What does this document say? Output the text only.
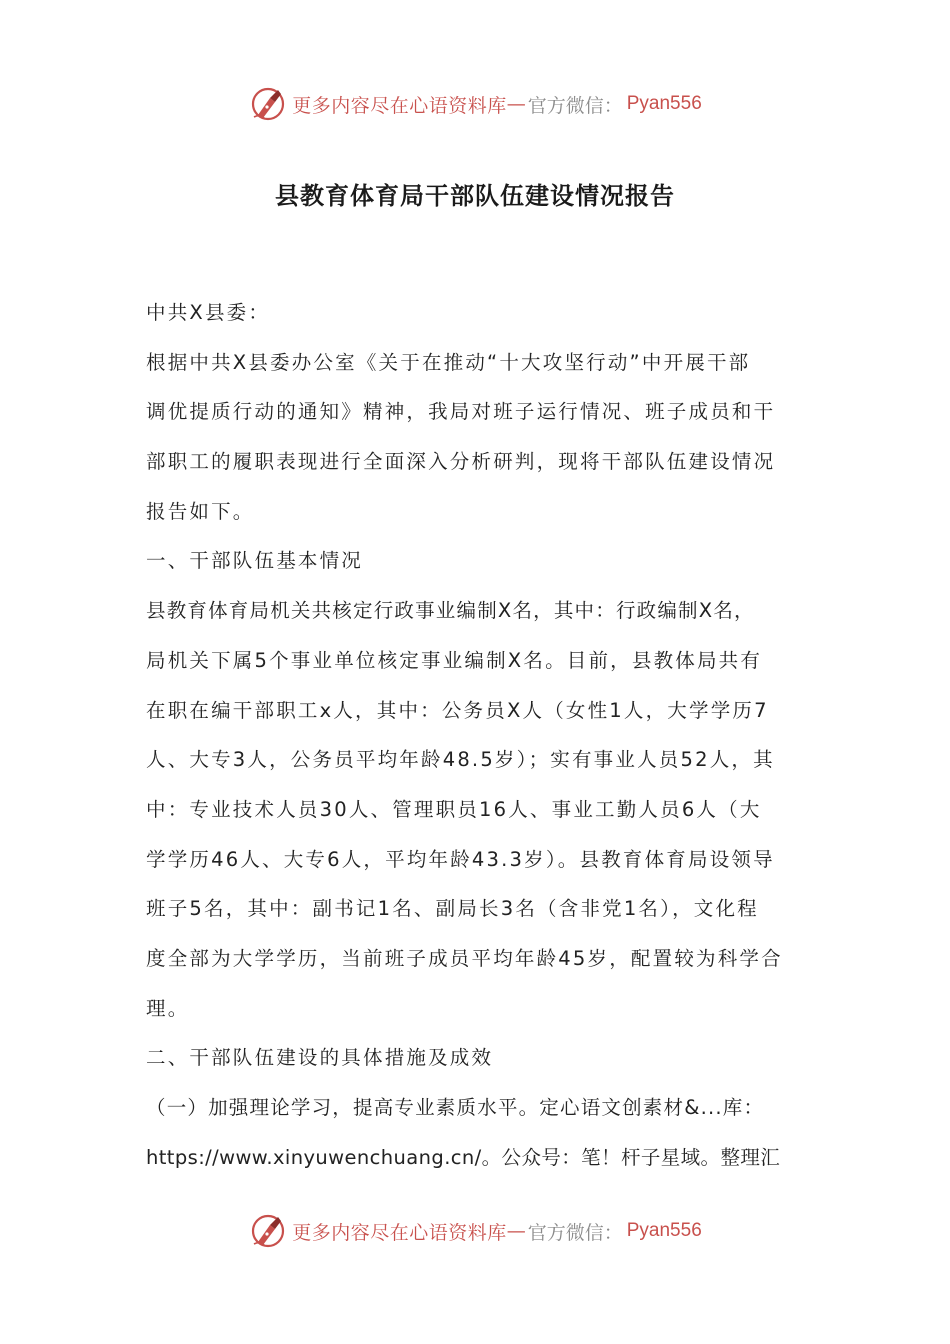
更多内容尽在心语资料库 — 官方微信： Pyan556
县教育体育局干部队伍建设情况报告
中共X县委：
根据中共X县委办公室《关于在推动“十大攻坚行动”中开展干部
调优提质行动的通知》精神，我局对班子运行情况、班子成员和干
部职工的履职表现进行全面深入分析研判，现将干部队伍建设情况
报告如下。
一、干部队伍基本情况
县教育体育局机关共核定行政事业编制X名，其中：行政编制X名，
局机关下属5个事业单位核定事业编制X名。目前，县教体局共有
在职在编干部职工x人，其中：公务员X人（女性1人，大学学历7
人、大专3人，公务员平均年龄48.5岁）；实有事业人员52人，其
中：专业技术人员30人、管理职员16人、事业工勤人员6人（大
学学历46人、大专6人，平均年龄43.3岁）。县教育体育局设领导
班子5名，其中：副书记1名、副局长3名（含非党1名），文化程
度全部为大学学历，当前班子成员平均年龄45岁，配置较为科学合
理。
二、干部队伍建设的具体措施及成效
（一）加强理论学习，提高专业素质水平。定心语文创素材&...库：
https://www.xinyuwenchuang.cn/。公众号：笔！杆子星域。整理汇
更多内容尽在心语资料库 — 官方微信： Pyan556
